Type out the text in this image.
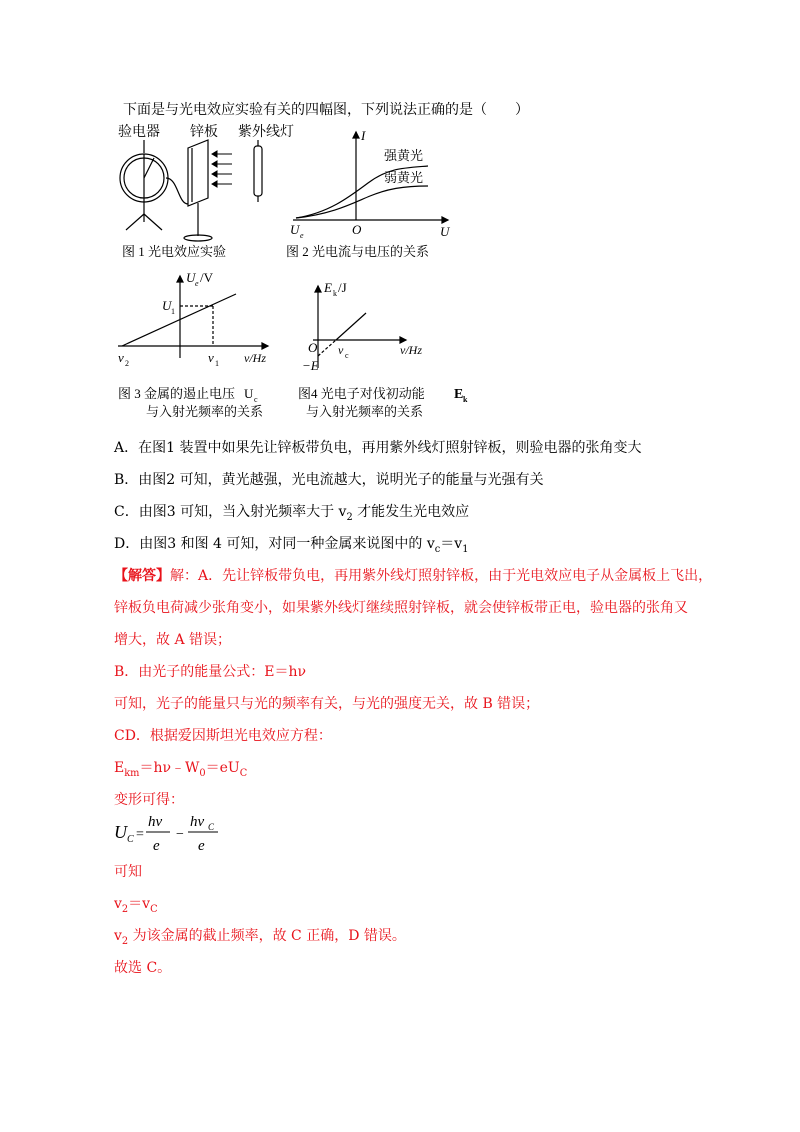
下面是与光电效应实验有关的四幅图，下列说法正确的是（　　）
验电器 锌板 紫外线灯
图 1 光电效应实验
I
强黄光
弱黄光
U e	O	U
图 2 光电流与电压的关系
U e /V
U 1
ν 2	ν 1 ν/Hz
图 3 金属的遏止电压 U c
与入射光频率的关系
E k /J
O
−E
ν c	ν/Hz
图4 光电子对伐初动能 E k
与入射光频率的关系
A．在图1 装置中如果先让锌板带负电，再用紫外线灯照射锌板，则验电器的张角变大
B．由图2 可知，黄光越强，光电流越大，说明光子的能量与光强有关
C．由图3 可知，当入射光频率大于 $v_2$ 才能发生光电效应
D．由图3 和图 4 可知，对同一种金属来说图中的 $v_c=v_1$
【解答】解：A．先让锌板带负电，再用紫外线灯照射锌板，由于光电效应电子从金属板上飞出，
锌板负电荷减少张角变小，如果紫外线灯继续照射锌板，就会使锌板带正电，验电器的张角又
增大，故 A 错误；
B．由光子的能量公式：E＝hν
可知，光子的能量只与光的频率有关，与光的强度无关，故 B 错误；
CD．根据爱因斯坦光电效应方程：
$E_{km}=h\nu﹣W_0=eU_C$
变形可得：
U C =
hν
e
−
hν C
e
可知
$v_2=v_C$
$v_2$ 为该金属的截止频率，故 C 正确，D 错误。
故选 C。
